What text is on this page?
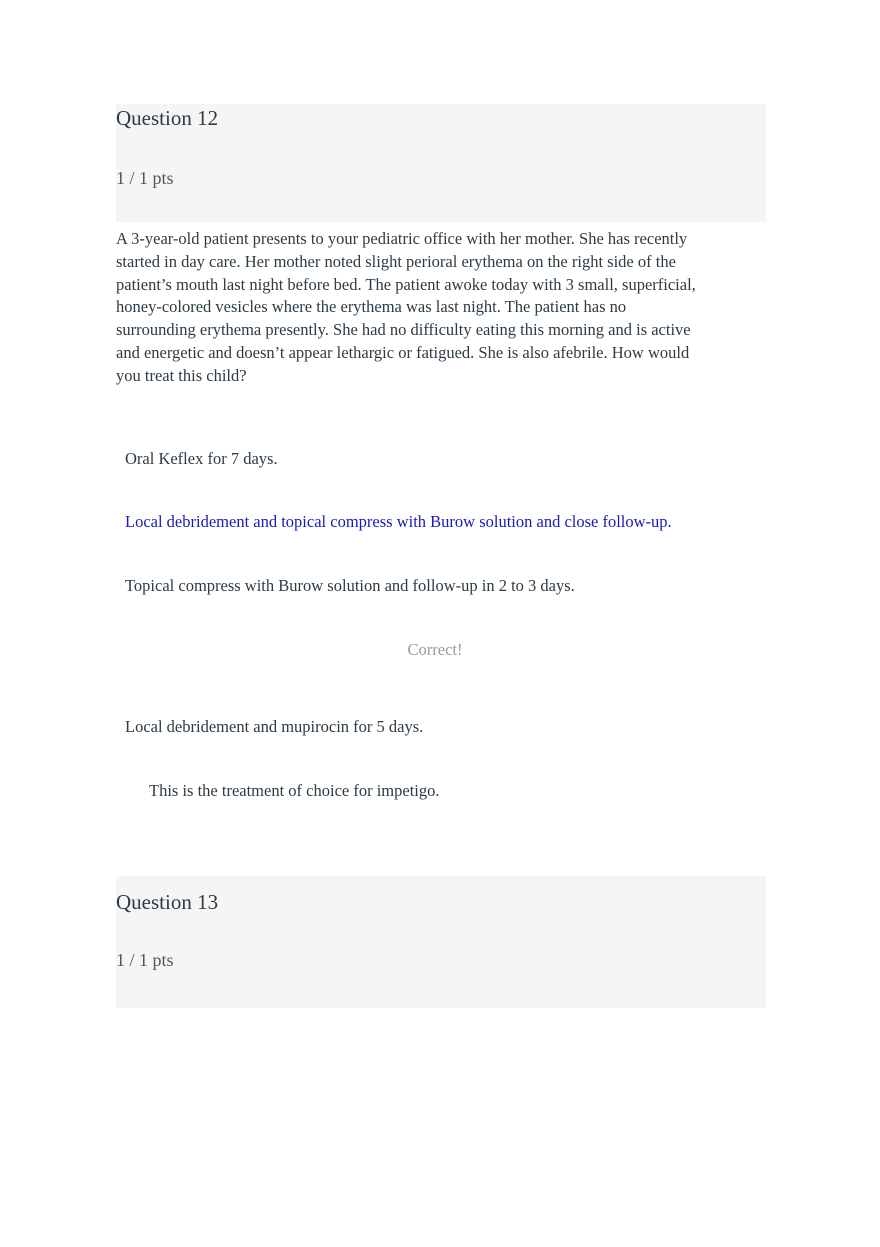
Question 12
1 / 1 pts
A 3-year-old patient presents to your pediatric office with her mother. She has recently started in day care. Her mother noted slight perioral erythema on the right side of the patient’s mouth last night before bed. The patient awoke today with 3 small, superficial, honey-colored vesicles where the erythema was last night. The patient has no surrounding erythema presently. She had no difficulty eating this morning and is active and energetic and doesn’t appear lethargic or fatigued. She is also afebrile. How would you treat this child?
Oral Keflex for 7 days.
Local debridement and topical compress with Burow solution and close follow-up.
Topical compress with Burow solution and follow-up in 2 to 3 days.
Correct!
Local debridement and mupirocin for 5 days.
This is the treatment of choice for impetigo.
Question 13
1 / 1 pts
